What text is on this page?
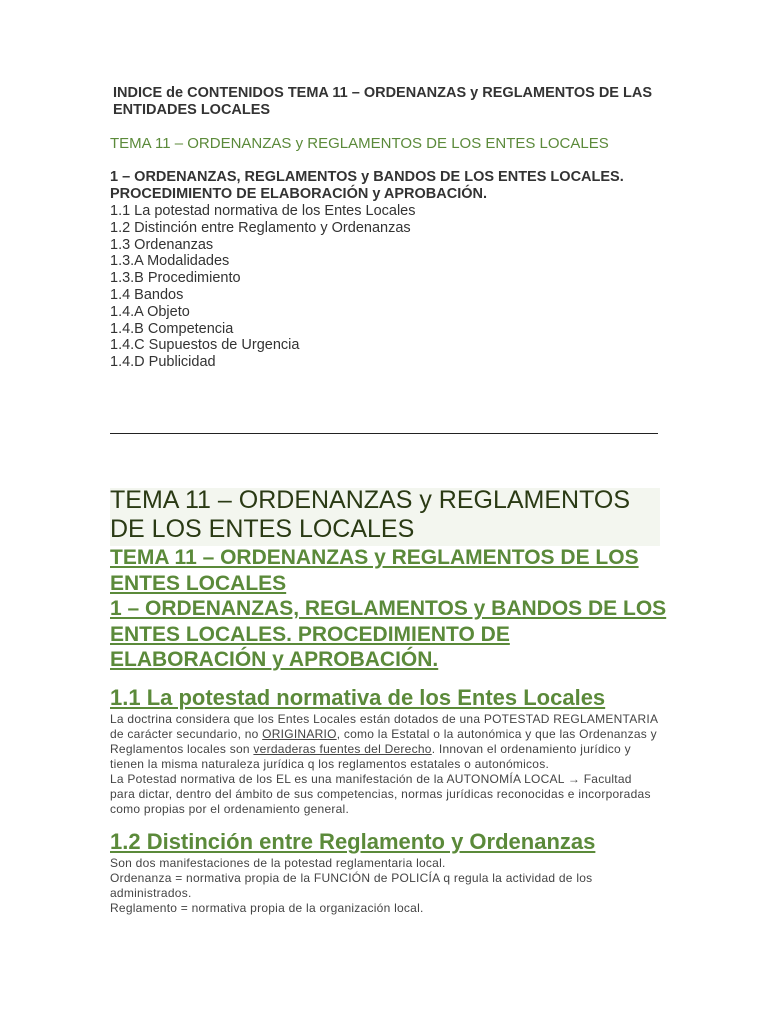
INDICE de CONTENIDOS TEMA 11 – ORDENANZAS y REGLAMENTOS DE LAS ENTIDADES LOCALES
TEMA 11 – ORDENANZAS y REGLAMENTOS DE LOS ENTES LOCALES
1 – ORDENANZAS, REGLAMENTOS y BANDOS DE LOS ENTES LOCALES. PROCEDIMIENTO DE ELABORACIÓN y APROBACIÓN.
1.1 La potestad normativa de los Entes Locales
1.2 Distinción entre Reglamento y Ordenanzas
1.3 Ordenanzas
1.3.A Modalidades
1.3.B Procedimiento
1.4 Bandos
1.4.A Objeto
1.4.B Competencia
1.4.C Supuestos de Urgencia
1.4.D Publicidad
TEMA 11 – ORDENANZAS y REGLAMENTOS DE LOS ENTES LOCALES
TEMA 11 – ORDENANZAS y REGLAMENTOS DE LOS ENTES LOCALES
1 – ORDENANZAS, REGLAMENTOS y BANDOS DE LOS ENTES LOCALES. PROCEDIMIENTO DE ELABORACIÓN y APROBACIÓN.
1.1 La potestad normativa de los Entes Locales

La doctrina considera que los Entes Locales están dotados de una POTESTAD REGLAMENTARIA de carácter secundario, no ORIGINARIO, como la Estatal o la autonómica y que las Ordenanzas y Reglamentos locales son verdaderas fuentes del Derecho. Innovan el ordenamiento jurídico y tienen la misma naturaleza jurídica q los reglamentos estatales o autonómicos.

La Potestad normativa de los EL es una manifestación de la AUTONOMÍA LOCAL → Facultad para dictar, dentro del ámbito de sus competencias, normas jurídicas reconocidas e incorporadas como propias por el ordenamiento general.

1.2 Distinción entre Reglamento y Ordenanzas

Son dos manifestaciones de la potestad reglamentaria local.

Ordenanza = normativa propia de la FUNCIÓN de POLICÍA q regula la actividad de los administrados.

Reglamento = normativa propia de la organización local.
